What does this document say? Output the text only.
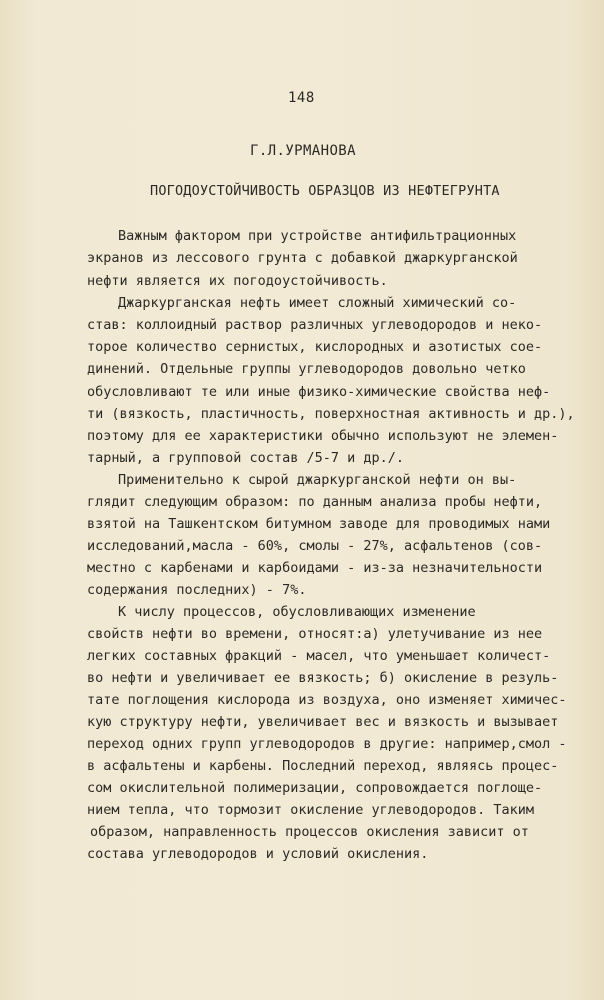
148
Г.Л.УРМАНОВА
ПОГОДОУСТОЙЧИВОСТЬ ОБРАЗЦОВ ИЗ НЕФТЕГРУНТА
Важным фактором при устройстве антифильтрационных
экранов из лессового грунта с добавкой джаркурганской
нефти является их погодоустойчивость.
Джаркурганская нефть имеет сложный химический со-
став: коллоидный раствор различных углеводородов и неко-
торое количество сернистых, кислородных и азотистых сое-
динений. Отдельные группы углеводородов довольно четко
обусловливают те или иные физико-химические свойства неф-
ти (вязкость, пластичность, поверхностная активность и др.),
поэтому для ее характеристики обычно используют не элемен-
тарный, а групповой состав /5-7 и др./.
Применительно к сырой джаркурганской нефти он вы-
глядит следующим образом: по данным анализа пробы нефти,
взятой на Ташкентском битумном заводе для проводимых нами
исследований,масла - 60%, смолы - 27%, асфальтенов (сов-
местно с карбенами и карбоидами - из-за незначительности
содержания последних) - 7%.
К числу процессов, обусловливающих изменение
свойств нефти во времени, относят:а) улетучивание из нее
легких составных фракций - масел, что уменьшает количест-
во нефти и увеличивает ее вязкость; б) окисление в резуль-
тате поглощения кислорода из воздуха, оно изменяет химичес-
кую структуру нефти, увеличивает вес и вязкость и вызывает
переход одних групп углеводородов в другие: например,смол -
в асфальтены и карбены. Последний переход, являясь процес-
сом окислительной полимеризации, сопровождается поглоще-
нием тепла, что тормозит окисление углеводородов. Таким
образом, направленность процессов окисления зависит от
состава углеводородов и условий окисления.
